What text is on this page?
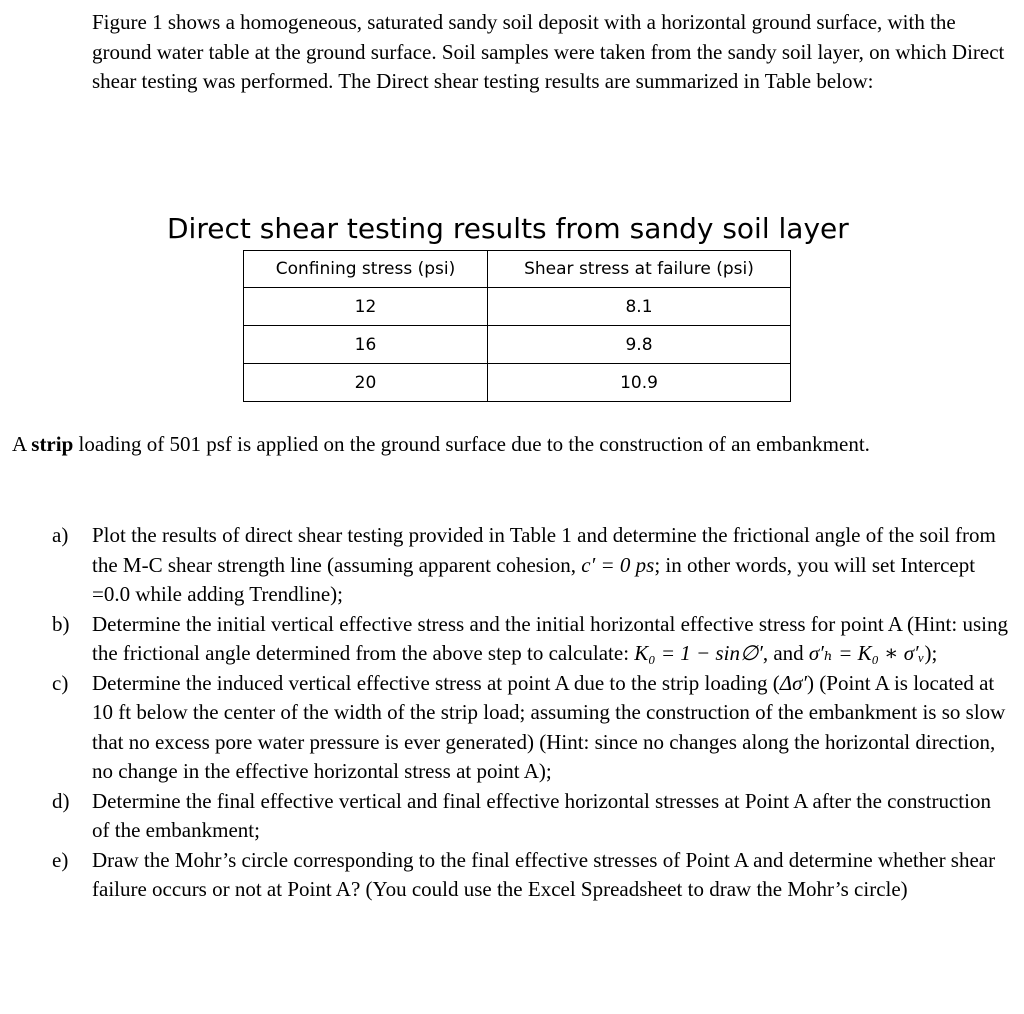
Figure 1 shows a homogeneous, saturated sandy soil deposit with a horizontal ground surface, with the ground water table at the ground surface. Soil samples were taken from the sandy soil layer, on which Direct shear testing was performed. The Direct shear testing results are summarized in Table below:

Direct shear testing results from sandy soil layer
Confining stress (psi)	Shear stress at failure (psi)
12	8.1
16	9.8
20	10.9

A strip loading of 501 psf is applied on the ground surface due to the construction of an embankment.

a) Plot the results of direct shear testing provided in Table 1 and determine the frictional angle of the soil from the M-C shear strength line (assuming apparent cohesion, c′ = 0 ps; in other words, you will set Intercept =0.0 while adding Trendline);
b) Determine the initial vertical effective stress and the initial horizontal effective stress for point A (Hint: using the frictional angle determined from the above step to calculate: K₀ = 1 − sin∅′, and σ′ₕ = K₀ ∗ σ′ᵥ);
c) Determine the induced vertical effective stress at point A due to the strip loading (Δσ′) (Point A is located at 10 ft below the center of the width of the strip load; assuming the construction of the embankment is so slow that no excess pore water pressure is ever generated) (Hint: since no changes along the horizontal direction, no change in the effective horizontal stress at point A);
d) Determine the final effective vertical and final effective horizontal stresses at Point A after the construction of the embankment;
e) Draw the Mohr’s circle corresponding to the final effective stresses of Point A and determine whether shear failure occurs or not at Point A? (You could use the Excel Spreadsheet to draw the Mohr’s circle)
